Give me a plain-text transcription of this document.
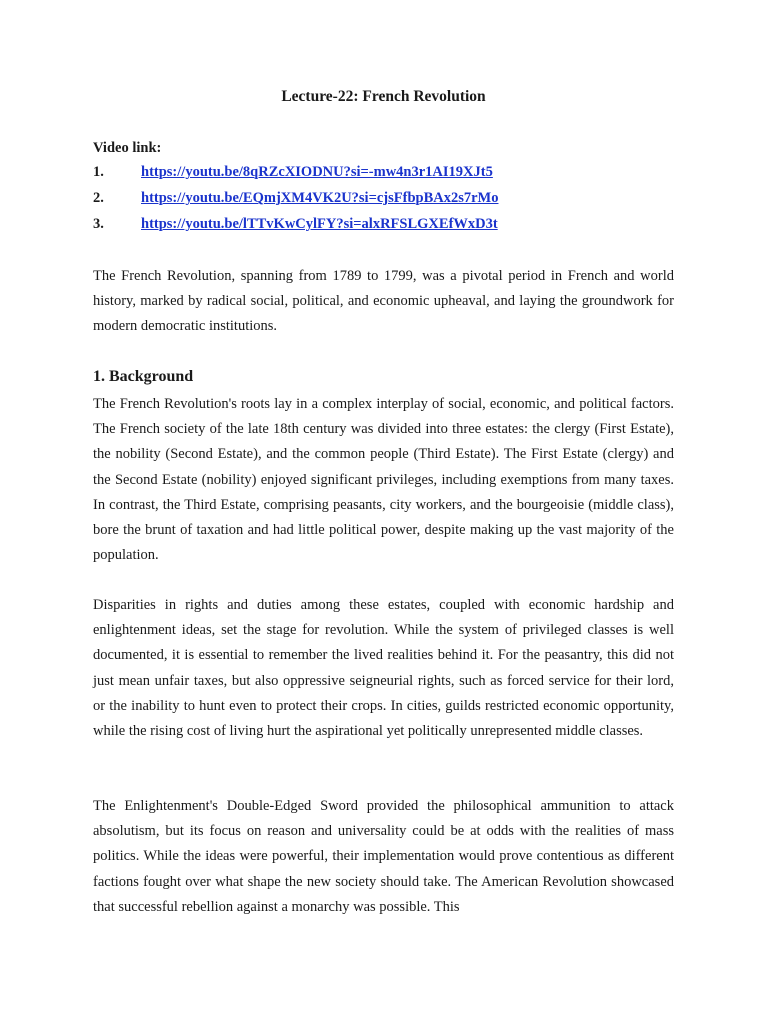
Lecture-22: French Revolution

Video link:

1.	https://youtu.be/8qRZcXIODNU?si=-mw4n3r1AI19XJt5
2.	https://youtu.be/EQmjXM4VK2U?si=cjsFfbpBAx2s7rMo
3.	https://youtu.be/lTTvKwCylFY?si=alxRFSLGXEfWxD3t

The French Revolution, spanning from 1789 to 1799, was a pivotal period in French and world history, marked by radical social, political, and economic upheaval, and laying the groundwork for modern democratic institutions.

1. Background

The French Revolution's roots lay in a complex interplay of social, economic, and political factors. The French society of the late 18th century was divided into three estates: the clergy (First Estate), the nobility (Second Estate), and the common people (Third Estate). The First Estate (clergy) and the Second Estate (nobility) enjoyed significant privileges, including exemptions from many taxes. In contrast, the Third Estate, comprising peasants, city workers, and the bourgeoisie (middle class), bore the brunt of taxation and had little political power, despite making up the vast majority of the population.

Disparities in rights and duties among these estates, coupled with economic hardship and enlightenment ideas, set the stage for revolution. While the system of privileged classes is well documented, it is essential to remember the lived realities behind it. For the peasantry, this did not just mean unfair taxes, but also oppressive seigneurial rights, such as forced service for their lord, or the inability to hunt even to protect their crops. In cities, guilds restricted economic opportunity, while the rising cost of living hurt the aspirational yet politically unrepresented middle classes.

The Enlightenment's Double-Edged Sword provided the philosophical ammunition to attack absolutism, but its focus on reason and universality could be at odds with the realities of mass politics. While the ideas were powerful, their implementation would prove contentious as different factions fought over what shape the new society should take. The American Revolution showcased that successful rebellion against a monarchy was possible. This
